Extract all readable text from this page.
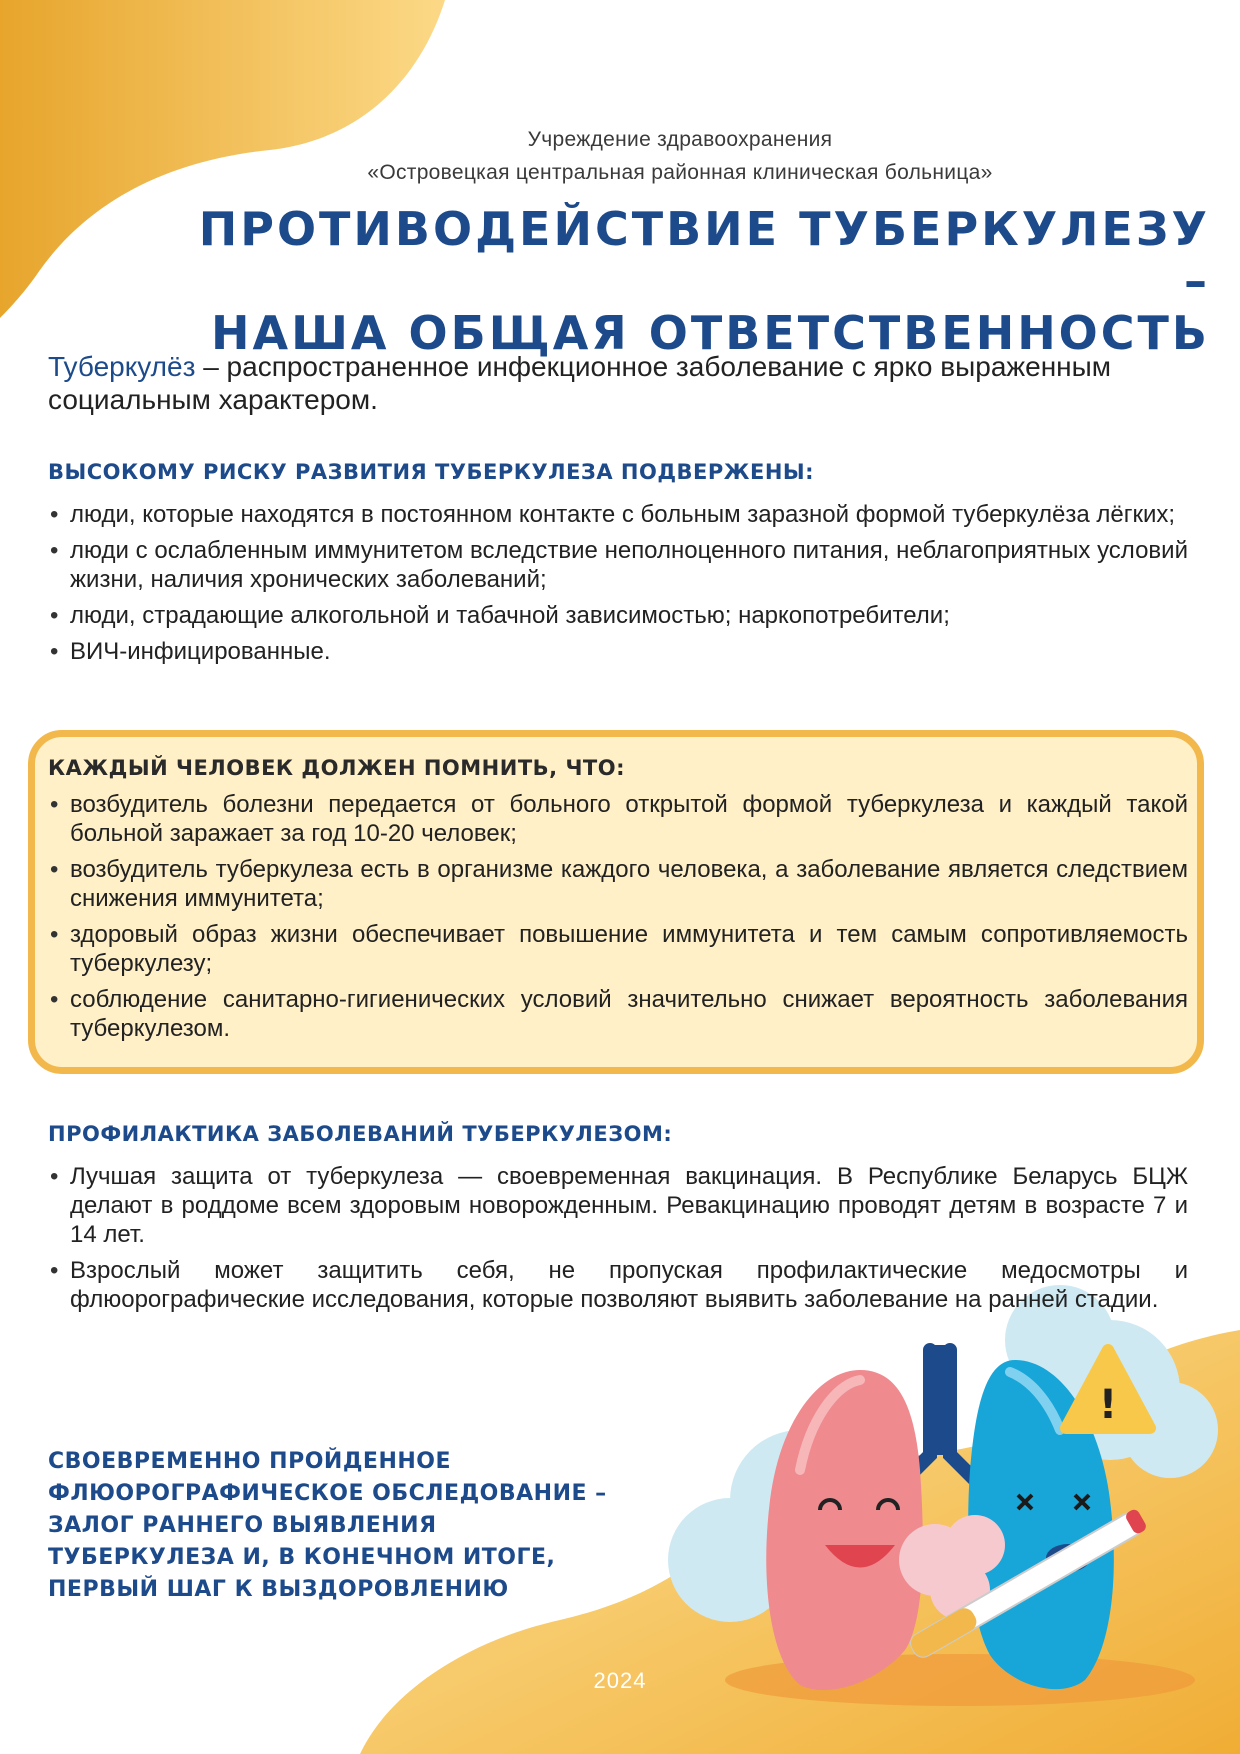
!
Учреждение здравоохранения
«Островецкая центральная районная клиническая больница»
ПРОТИВОДЕЙСТВИЕ ТУБЕРКУЛЕЗУ –
НАША ОБЩАЯ ОТВЕТСТВЕННОСТЬ
Туберкулёз – распространенное инфекционное заболевание с ярко выраженным социальным характером.
ВЫСОКОМУ РИСКУ РАЗВИТИЯ ТУБЕРКУЛЕЗА ПОДВЕРЖЕНЫ:
• люди, которые находятся в постоянном контакте с больным заразной формой туберкулёза лёгких;
• люди с ослабленным иммунитетом вследствие неполноценного питания, неблагоприятных условий жизни, наличия хронических заболеваний;
• люди, страдающие алкогольной и табачной зависимостью; наркопотребители;
• ВИЧ-инфицированные.
КАЖДЫЙ ЧЕЛОВЕК ДОЛЖЕН ПОМНИТЬ, ЧТО:
• возбудитель болезни передается от больного открытой формой туберкулеза и каждый такой больной заражает за год 10-20 человек;
• возбудитель туберкулеза есть в организме каждого человека, а заболевание является следствием снижения иммунитета;
• здоровый образ жизни обеспечивает повышение иммунитета и тем самым сопротивляемость туберкулезу;
• соблюдение санитарно-гигиенических условий значительно снижает вероятность заболевания туберкулезом.
ПРОФИЛАКТИКА ЗАБОЛЕВАНИЙ ТУБЕРКУЛЕЗОМ:
• Лучшая защита от туберкулеза — своевременная вакцинация. В Республике Беларусь БЦЖ делают в роддоме всем здоровым новорожденным. Ревакцинацию проводят детям в возрасте 7 и 14 лет.
• Взрослый может защитить себя, не пропуская профилактические медосмотры и флюорографические исследования, которые позволяют выявить заболевание на ранней стадии.
СВОЕВРЕМЕННО ПРОЙДЕННОЕ
ФЛЮОРОГРАФИЧЕСКОЕ ОБСЛЕДОВАНИЕ –
ЗАЛОГ РАННЕГО ВЫЯВЛЕНИЯ
ТУБЕРКУЛЕЗА И, В КОНЕЧНОМ ИТОГЕ,
ПЕРВЫЙ ШАГ К ВЫЗДОРОВЛЕНИЮ
2024
